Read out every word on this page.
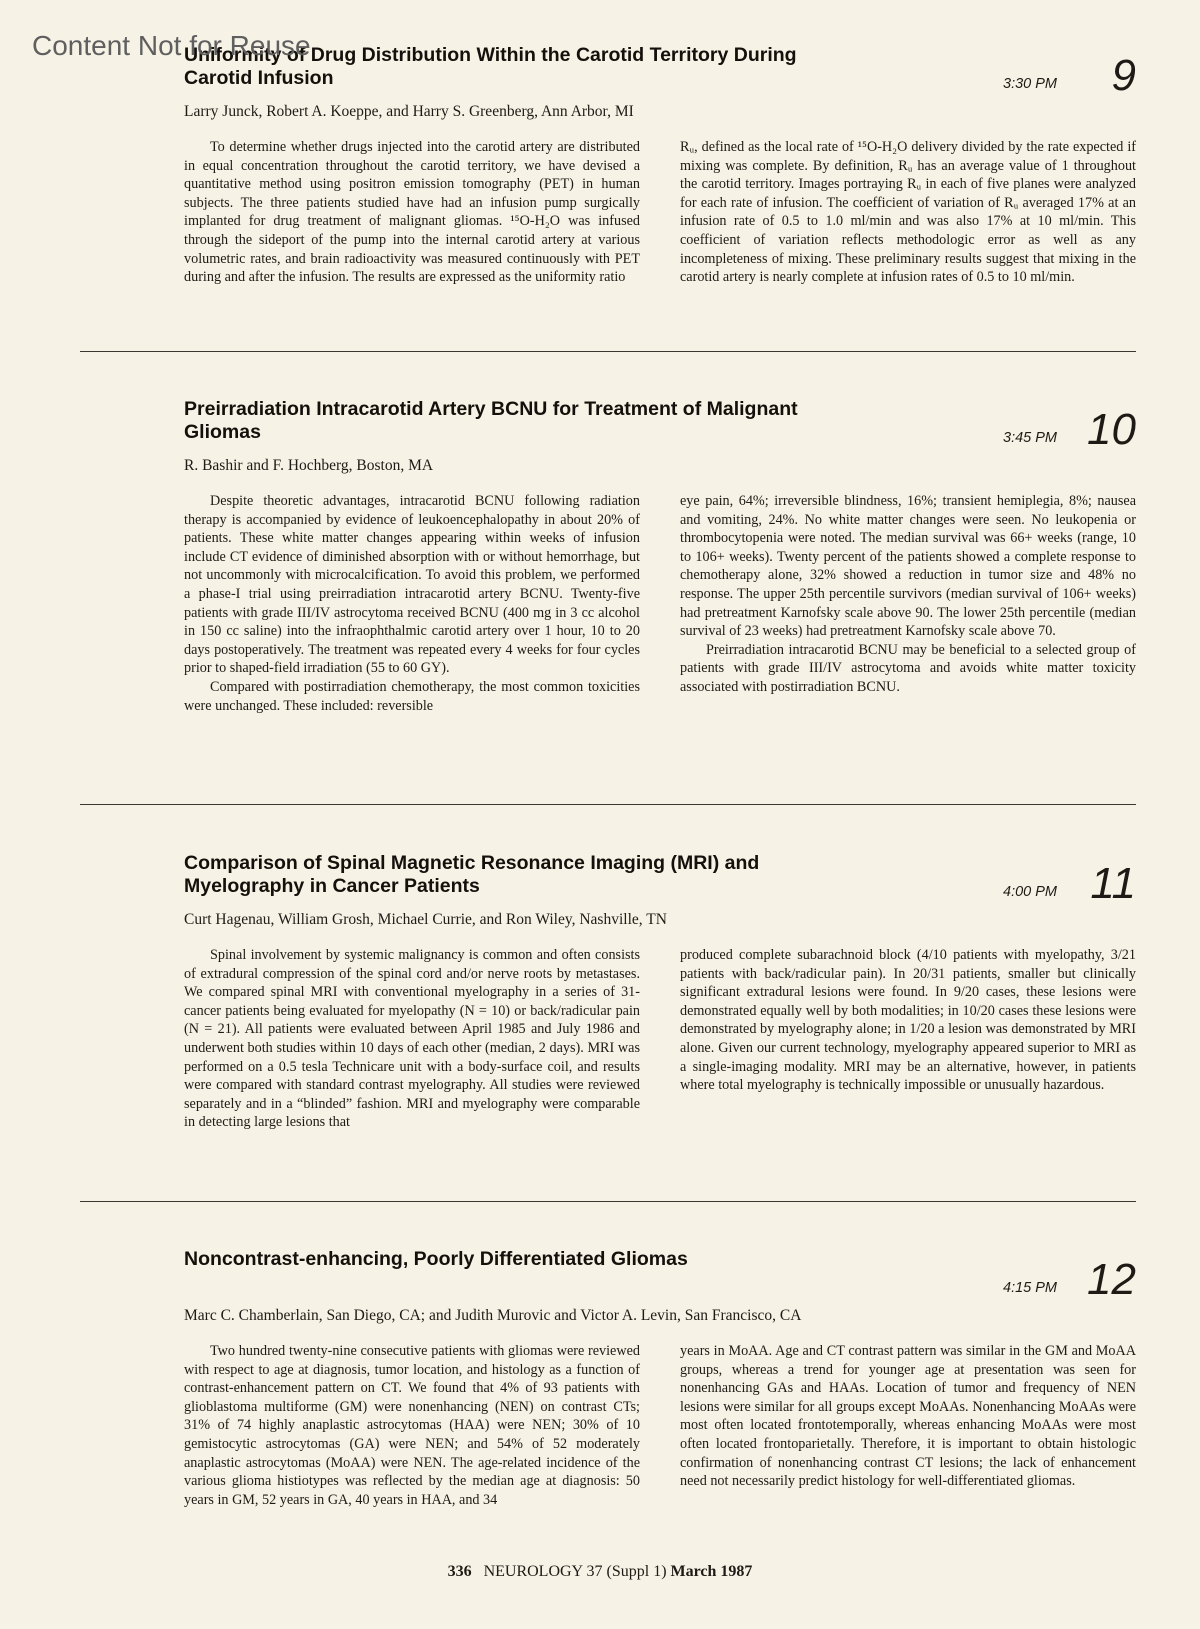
Content Not for Reuse
Uniformity of Drug Distribution Within the Carotid Territory During Carotid Infusion	3:30 PM 9
Larry Junck, Robert A. Koeppe, and Harry S. Greenberg, Ann Arbor, MI

To determine whether drugs injected into the carotid artery are distributed in equal concentration throughout the carotid territory, we have devised a quantitative method using positron emission tomography (PET) in human subjects. The three patients studied have had an infusion pump surgically implanted for drug treatment of malignant gliomas. ¹⁵O-H₂O was infused through the sideport of the pump into the internal carotid artery at various volumetric rates, and brain radioactivity was measured continuously with PET during and after the infusion. The results are expressed as the uniformity ratio

Rᵤ, defined as the local rate of ¹⁵O-H₂O delivery divided by the rate expected if mixing was complete. By definition, Rᵤ has an average value of 1 throughout the carotid territory. Images portraying Rᵤ in each of five planes were analyzed for each rate of infusion. The coefficient of variation of Rᵤ averaged 17% at an infusion rate of 0.5 to 1.0 ml/min and was also 17% at 10 ml/min. This coefficient of variation reflects methodologic error as well as any incompleteness of mixing. These preliminary results suggest that mixing in the carotid artery is nearly complete at infusion rates of 0.5 to 10 ml/min.

Preirradiation Intracarotid Artery BCNU for Treatment of Malignant Gliomas	3:45 PM 10
R. Bashir and F. Hochberg, Boston, MA

Despite theoretic advantages, intracarotid BCNU following radiation therapy is accompanied by evidence of leukoencephalopathy in about 20% of patients. These white matter changes appearing within weeks of infusion include CT evidence of diminished absorption with or without hemorrhage, but not uncommonly with microcalcification. To avoid this problem, we performed a phase-I trial using preirradiation intracarotid artery BCNU. Twenty-five patients with grade III/IV astrocytoma received BCNU (400 mg in 3 cc alcohol in 150 cc saline) into the infraophthalmic carotid artery over 1 hour, 10 to 20 days postoperatively. The treatment was repeated every 4 weeks for four cycles prior to shaped-field irradiation (55 to 60 GY).

Compared with postirradiation chemotherapy, the most common toxicities were unchanged. These included: reversible

eye pain, 64%; irreversible blindness, 16%; transient hemiplegia, 8%; nausea and vomiting, 24%. No white matter changes were seen. No leukopenia or thrombocytopenia were noted. The median survival was 66+ weeks (range, 10 to 106+ weeks). Twenty percent of the patients showed a complete response to chemotherapy alone, 32% showed a reduction in tumor size and 48% no response. The upper 25th percentile survivors (median survival of 106+ weeks) had pretreatment Karnofsky scale above 90. The lower 25th percentile (median survival of 23 weeks) had pretreatment Karnofsky scale above 70.

Preirradiation intracarotid BCNU may be beneficial to a selected group of patients with grade III/IV astrocytoma and avoids white matter toxicity associated with postirradiation BCNU.

Comparison of Spinal Magnetic Resonance Imaging (MRI) and Myelography in Cancer Patients	4:00 PM 11
Curt Hagenau, William Grosh, Michael Currie, and Ron Wiley, Nashville, TN

Spinal involvement by systemic malignancy is common and often consists of extradural compression of the spinal cord and/or nerve roots by metastases. We compared spinal MRI with conventional myelography in a series of 31-cancer patients being evaluated for myelopathy (N = 10) or back/radicular pain (N = 21). All patients were evaluated between April 1985 and July 1986 and underwent both studies within 10 days of each other (median, 2 days). MRI was performed on a 0.5 tesla Technicare unit with a body-surface coil, and results were compared with standard contrast myelography. All studies were reviewed separately and in a “blinded” fashion. MRI and myelography were comparable in detecting large lesions that

produced complete subarachnoid block (4/10 patients with myelopathy, 3/21 patients with back/radicular pain). In 20/31 patients, smaller but clinically significant extradural lesions were found. In 9/20 cases, these lesions were demonstrated equally well by both modalities; in 10/20 cases these lesions were demonstrated by myelography alone; in 1/20 a lesion was demonstrated by MRI alone. Given our current technology, myelography appeared superior to MRI as a single-imaging modality. MRI may be an alternative, however, in patients where total myelography is technically impossible or unusually hazardous.

Noncontrast-enhancing, Poorly Differentiated Gliomas
4:15 PM 12
Marc C. Chamberlain, San Diego, CA; and Judith Murovic and Victor A. Levin, San Francisco, CA

Two hundred twenty-nine consecutive patients with gliomas were reviewed with respect to age at diagnosis, tumor location, and histology as a function of contrast-enhancement pattern on CT. We found that 4% of 93 patients with glioblastoma multiforme (GM) were nonenhancing (NEN) on contrast CTs; 31% of 74 highly anaplastic astrocytomas (HAA) were NEN; 30% of 10 gemistocytic astrocytomas (GA) were NEN; and 54% of 52 moderately anaplastic astrocytomas (MoAA) were NEN. The age-related incidence of the various glioma histiotypes was reflected by the median age at diagnosis: 50 years in GM, 52 years in GA, 40 years in HAA, and 34

years in MoAA. Age and CT contrast pattern was similar in the GM and MoAA groups, whereas a trend for younger age at presentation was seen for nonenhancing GAs and HAAs. Location of tumor and frequency of NEN lesions were similar for all groups except MoAAs. Nonenhancing MoAAs were most often located frontotemporally, whereas enhancing MoAAs were most often located frontoparietally. Therefore, it is important to obtain histologic confirmation of nonenhancing contrast CT lesions; the lack of enhancement need not necessarily predict histology for well-differentiated gliomas.

336 NEUROLOGY 37 (Suppl 1) March 1987
